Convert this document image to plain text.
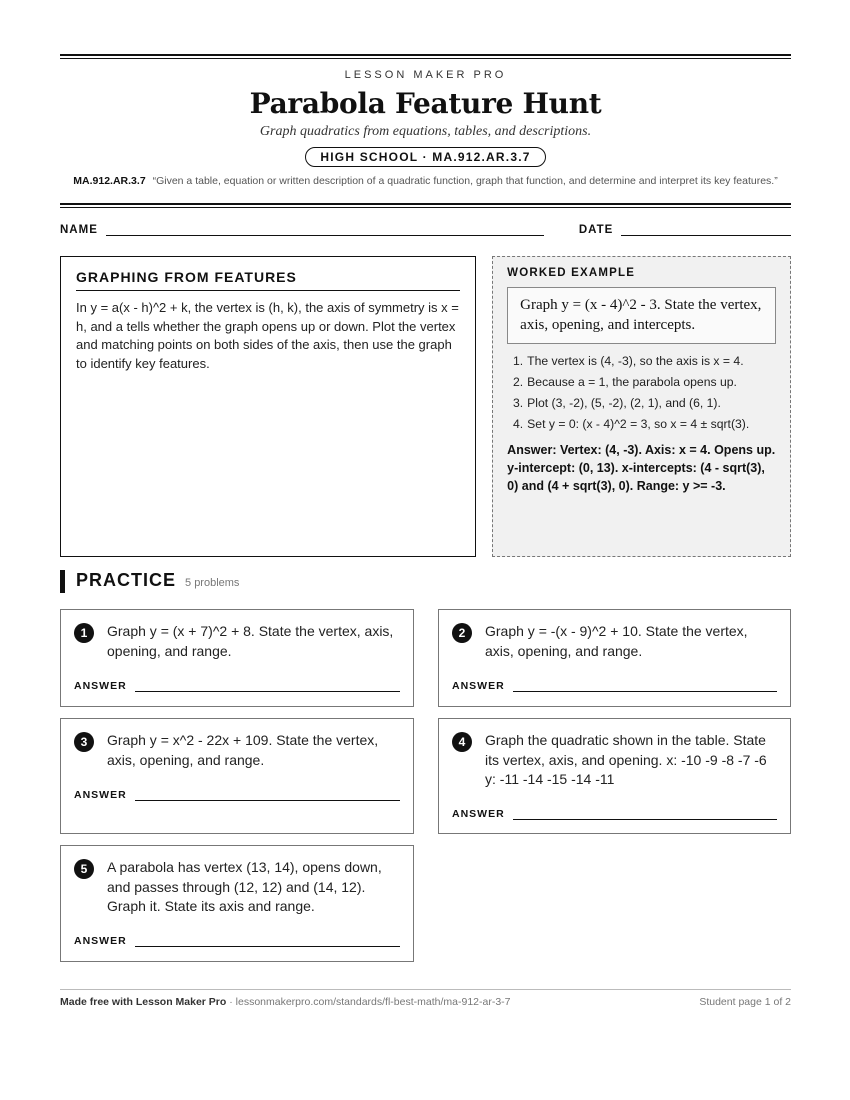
LESSON MAKER PRO
Parabola Feature Hunt
Graph quadratics from equations, tables, and descriptions.
HIGH SCHOOL · MA.912.AR.3.7
MA.912.AR.3.7 “Given a table, equation or written description of a quadratic function, graph that function, and determine and interpret its key features.”
NAME	DATE
GRAPHING FROM FEATURES
In y = a(x - h)^2 + k, the vertex is (h, k), the axis of symmetry is x = h, and a tells whether the graph opens up or down. Plot the vertex and matching points on both sides of the axis, then use the graph to identify key features.
WORKED EXAMPLE
Graph y = (x - 4)^2 - 3. State the vertex, axis, opening, and intercepts.
1. The vertex is (4, -3), so the axis is x = 4.
2. Because a = 1, the parabola opens up.
3. Plot (3, -2), (5, -2), (2, 1), and (6, 1).
4. Set y = 0: (x - 4)^2 = 3, so x = 4 ± sqrt(3).
Answer: Vertex: (4, -3). Axis: x = 4. Opens up. y-intercept: (0, 13). x-intercepts: (4 - sqrt(3), 0) and (4 + sqrt(3), 0). Range: y >= -3.
PRACTICE 5 problems
1	Graph y = (x + 7)^2 + 8. State the vertex, axis, opening, and range.
ANSWER
2	Graph y = -(x - 9)^2 + 10. State the vertex, axis, opening, and range.
ANSWER
3	Graph y = x^2 - 22x + 109. State the vertex, axis, opening, and range.
ANSWER
4	Graph the quadratic shown in the table. State its vertex, axis, and opening. x: -10 -9 -8 -7 -6 y: -11 -14 -15 -14 -11
ANSWER
5	A parabola has vertex (13, 14), opens down, and passes through (12, 12) and (14, 12). Graph it. State its axis and range.
ANSWER
Made free with Lesson Maker Pro · lessonmakerpro.com/standards/fl-best-math/ma-912-ar-3-7	Student page 1 of 2
